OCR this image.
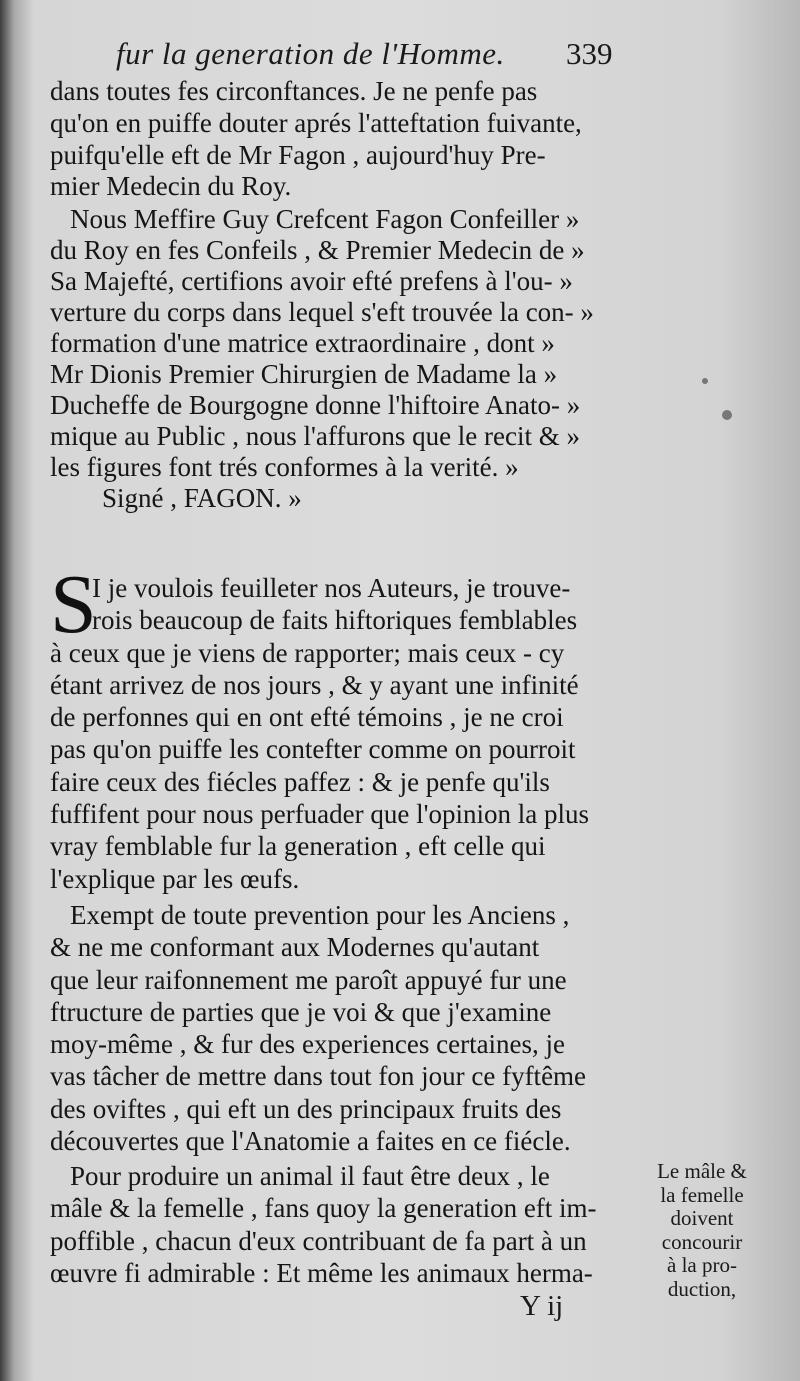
fur la generation de l'Homme. 339
dans toutes fes circonftances. Je ne penfe pas
qu'on en puiffe douter aprés l'atteftation fuivante,
puifqu'elle eft de Mr Fagon , aujourd'huy Pre-
mier Medecin du Roy.
Nous Meffire Guy Crefcent Fagon Confeiller »
du Roy en fes Confeils , & Premier Medecin de »
Sa Majefté, certifions avoir efté prefens à l'ou- »
verture du corps dans lequel s'eft trouvée la con- »
formation d'une matrice extraordinaire , dont »
Mr Dionis Premier Chirurgien de Madame la »
Ducheffe de Bourgogne donne l'hiftoire Anato- »
mique au Public , nous l'affurons que le recit & »
les figures font trés conformes à la verité. »
Signé , FAGON. »
S
I je voulois feuilleter nos Auteurs, je trouve-
rois beaucoup de faits hiftoriques femblables
à ceux que je viens de rapporter; mais ceux - cy
étant arrivez de nos jours , & y ayant une infinité
de perfonnes qui en ont efté témoins , je ne croi
pas qu'on puiffe les contefter comme on pourroit
faire ceux des fiécles paffez : & je penfe qu'ils
fuffifent pour nous perfuader que l'opinion la plus
vray femblable fur la generation , eft celle qui
l'explique par les œufs.
Exempt de toute prevention pour les Anciens ,
& ne me conformant aux Modernes qu'autant
que leur raifonnement me paroît appuyé fur une
ftructure de parties que je voi & que j'examine
moy-même , & fur des experiences certaines, je
vas tâcher de mettre dans tout fon jour ce fyftême
des oviftes , qui eft un des principaux fruits des
découvertes que l'Anatomie a faites en ce fiécle.
Pour produire un animal il faut être deux , le
mâle & la femelle , fans quoy la generation eft im-
poffible , chacun d'eux contribuant de fa part à un
œuvre fi admirable : Et même les animaux herma-
Le mâle &
la femelle
doivent
concourir
à la pro-
duction,
Y ij
